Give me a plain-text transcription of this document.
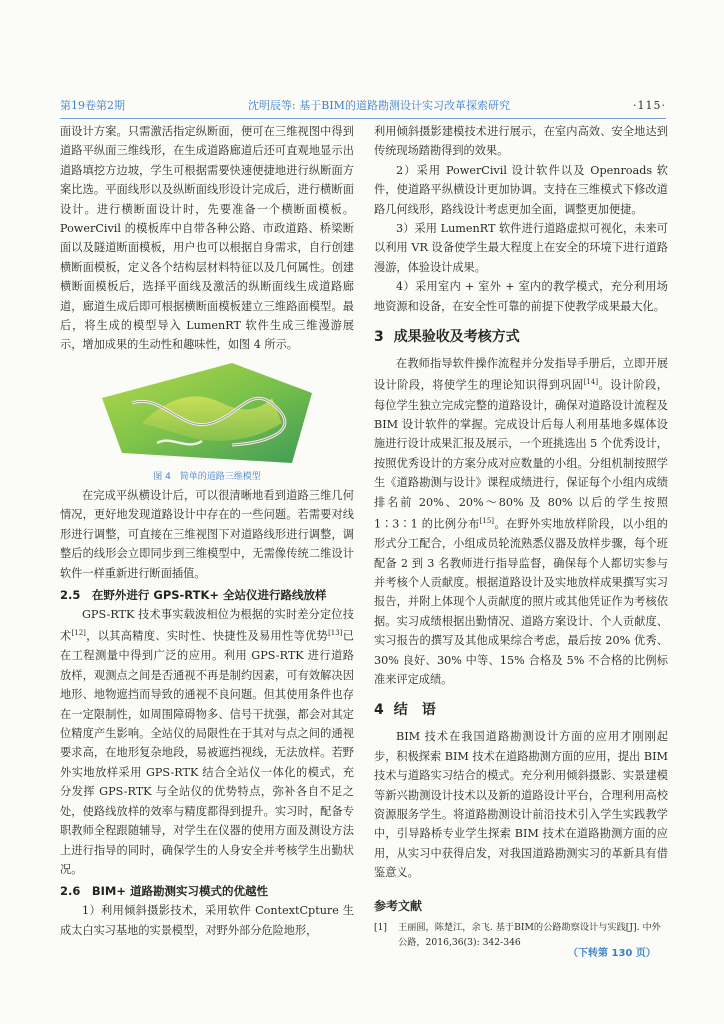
第19卷第2期	沈明辰等: 基于BIM的道路勘测设计实习改革探索研究	·115·

面设计方案。只需激活指定纵断面，便可在三维视图中得到道路平纵面三维线形，在生成道路廊道后还可直观地显示出道路填挖方边坡，学生可根据需要快速便捷地进行纵断面方案比选。平面线形以及纵断面线形设计完成后，进行横断面设计。进行横断面设计时，先要准备一个横断面模板。PowerCivil 的模板库中自带各种公路、市政道路、桥梁断面以及隧道断面模板，用户也可以根据自身需求，自行创建横断面模板，定义各个结构层材料特征以及几何属性。创建横断面模板后，选择平面线及激活的纵断面线生成道路廊道，廊道生成后即可根据横断面模板建立三维路面模型。最后，将生成的模型导入 LumenRT 软件生成三维漫游展示，增加成果的生动性和趣味性，如图 4 所示。

图 4　简单的道路三维模型

在完成平纵横设计后，可以很清晰地看到道路三维几何情况，更好地发现道路设计中存在的一些问题。若需要对线形进行调整，可直接在三维视图下对道路线形进行调整，调整后的线形会立即同步到三维模型中，无需像传统二维设计软件一样重新进行断面插值。

2.5　在野外进行 GPS-RTK+ 全站仪进行路线放样

GPS-RTK 技术事实载波相位为根据的实时差分定位技术[12]，以其高精度、实时性、快捷性及易用性等优势[13]已在工程测量中得到广泛的应用。利用 GPS-RTK 进行道路放样，观测点之间是否通视不再是制约因素，可有效解决因地形、地物遮挡而导致的通视不良问题。但其使用条件也存在一定限制性，如周围障碍物多、信号干扰强，都会对其定位精度产生影响。全站仪的局限性在于其对与点之间的通视要求高，在地形复杂地段，易被遮挡视线，无法放样。若野外实地放样采用 GPS-RTK 结合全站仪一体化的模式，充分发挥 GPS-RTK 与全站仪的优势特点，弥补各自不足之处，使路线放样的效率与精度都得到提升。实习时，配备专职教师全程跟随辅导，对学生在仪器的使用方面及测设方法上进行指导的同时，确保学生的人身安全并考核学生出勤状况。

2.6　BIM+ 道路勘测实习模式的优越性

1）利用倾斜摄影技术，采用软件 ContextCpture 生成太白实习基地的实景模型，对野外部分危险地形，

利用倾斜摄影建模技术进行展示，在室内高效、安全地达到传统现场踏勘得到的效果。

2）采用 PowerCivil 设计软件以及 Openroads 软件，使道路平纵横设计更加协调。支持在三维模式下修改道路几何线形，路线设计考虑更加全面，调整更加便捷。

3）采用 LumenRT 软件进行道路虚拟可视化，未来可以利用 VR 设备使学生最大程度上在安全的环境下进行道路漫游，体验设计成果。

4）采用室内 + 室外 + 室内的教学模式，充分利用场地资源和设备，在安全性可靠的前提下使教学成果最大化。

3 成果验收及考核方式

在教师指导软件操作流程并分发指导手册后，立即开展设计阶段，将使学生的理论知识得到巩固[14]。设计阶段，每位学生独立完成完整的道路设计，确保对道路设计流程及 BIM 设计软件的掌握。完成设计后每人利用基地多媒体设施进行设计成果汇报及展示，一个班挑选出 5 个优秀设计，按照优秀设计的方案分成对应数量的小组。分组机制按照学生《道路勘测与设计》课程成绩进行，保证每个小组内成绩排名前 20%、20%～80% 及 80% 以后的学生按照 1∶3∶1 的比例分布[15]。在野外实地放样阶段，以小组的形式分工配合，小组成员轮流熟悉仪器及放样步骤，每个班配备 2 到 3 名教师进行指导监督，确保每个人都切实参与并考核个人贡献度。根据道路设计及实地放样成果撰写实习报告，并附上体现个人贡献度的照片或其他凭证作为考核依据。实习成绩根据出勤情况、道路方案设计、个人贡献度、实习报告的撰写及其他成果综合考虑，最后按 20% 优秀、30% 良好、30% 中等、15% 合格及 5% 不合格的比例标准来评定成绩。

4 结　语

BIM 技术在我国道路勘测设计方面的应用才刚刚起步，积极探索 BIM 技术在道路勘测方面的应用，提出 BIM 技术与道路实习结合的模式。充分利用倾斜摄影、实景建模等新兴勘测设计技术以及新的道路设计平台，合理利用高校资源服务学生。将道路勘测设计前沿技术引入学生实践教学中，引导路桥专业学生探索 BIM 技术在道路勘测方面的应用，从实习中获得启发，对我国道路勘测实习的革新具有借鉴意义。

参考文献
[1]	王丽圆，陈楚江，余飞. 基于BIM的公路勘察设计与实践[J]. 中外公路，2016,36(3): 342-346
（下转第 130 页）
